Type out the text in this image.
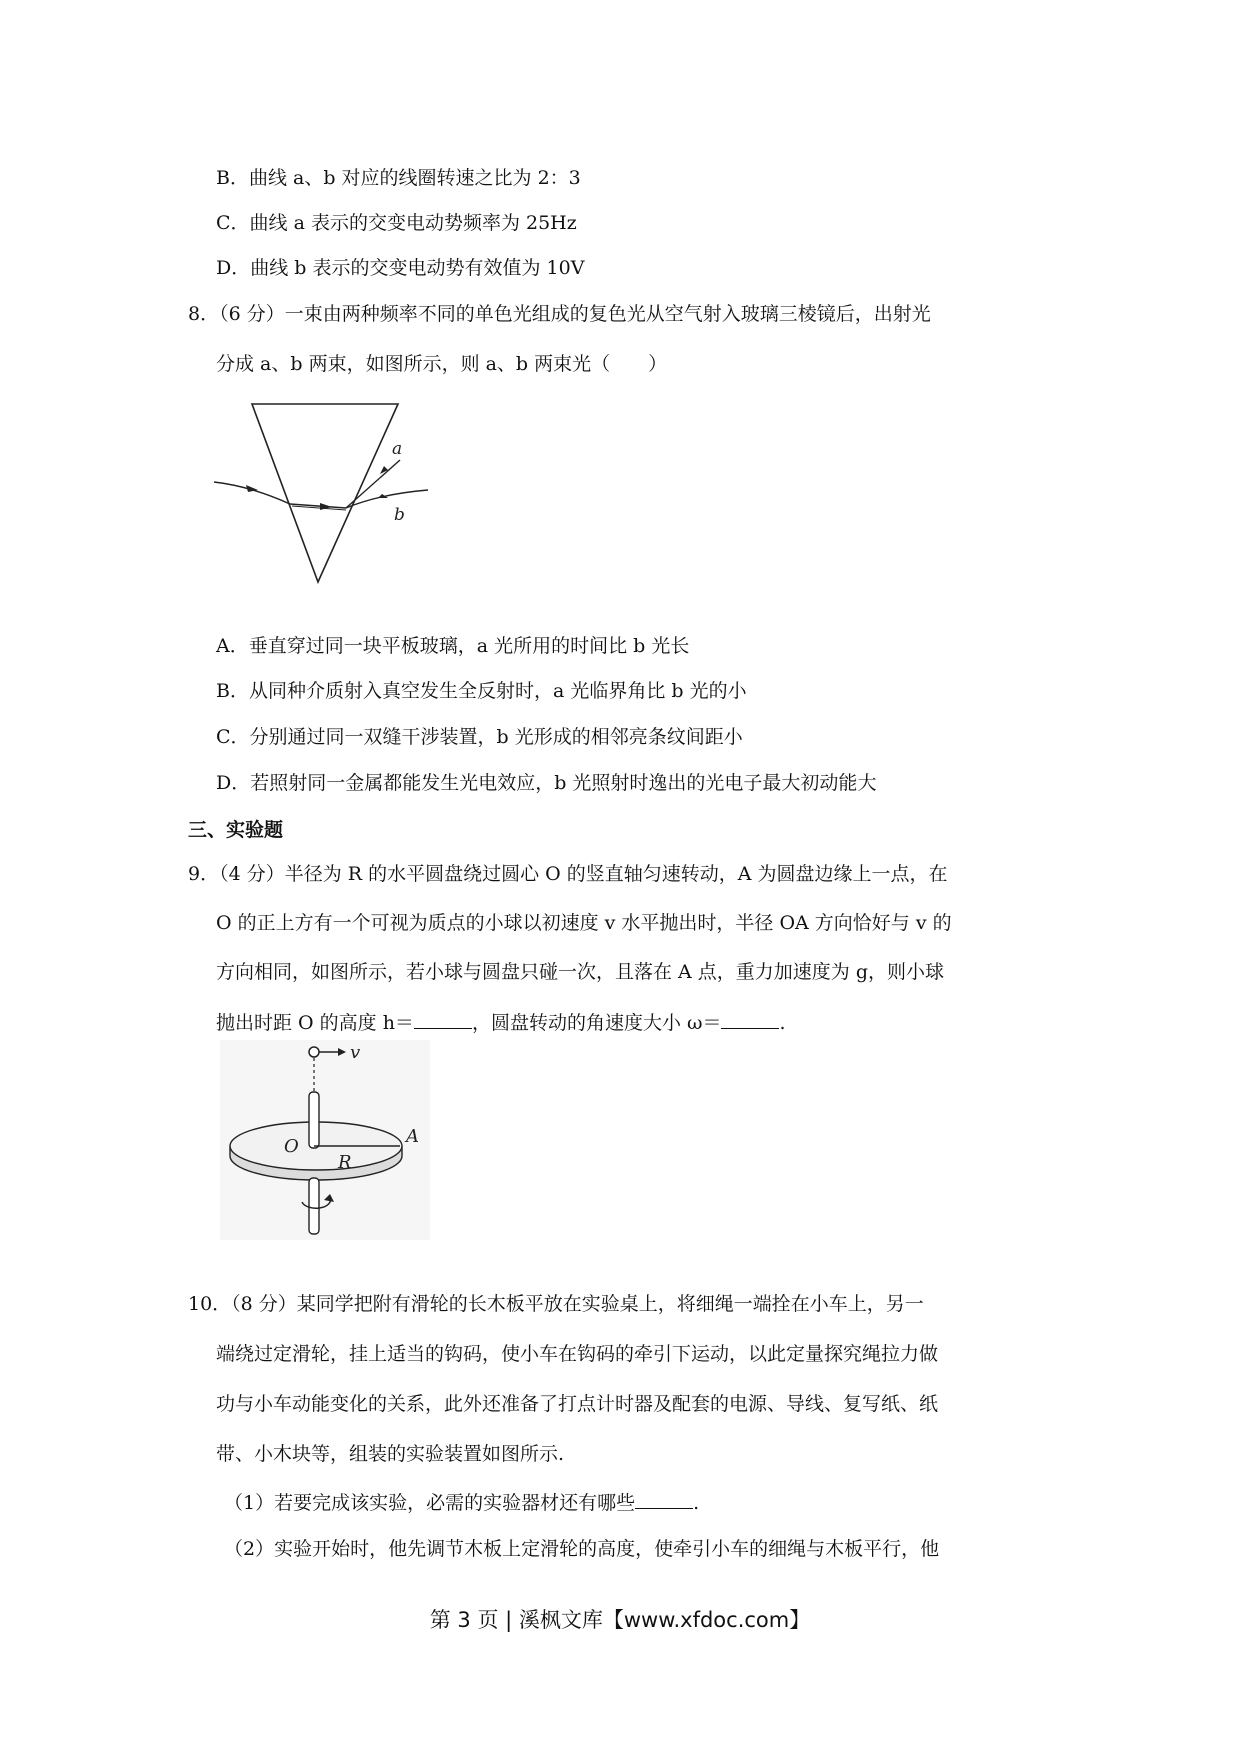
B．曲线 a、b 对应的线圈转速之比为 2：3
C．曲线 a 表示的交变电动势频率为 25Hz
D．曲线 b 表示的交变电动势有效值为 10V
8．（6 分）一束由两种频率不同的单色光组成的复色光从空气射入玻璃三棱镜后，出射光
分成 a、b 两束，如图所示，则 a、b 两束光（　　）
a
b
A．垂直穿过同一块平板玻璃，a 光所用的时间比 b 光长
B．从同种介质射入真空发生全反射时，a 光临界角比 b 光的小
C．分别通过同一双缝干涉装置，b 光形成的相邻亮条纹间距小
D．若照射同一金属都能发生光电效应，b 光照射时逸出的光电子最大初动能大
三、实验题
9．（4 分）半径为 R 的水平圆盘绕过圆心 O 的竖直轴匀速转动，A 为圆盘边缘上一点，在
O 的正上方有一个可视为质点的小球以初速度 v 水平抛出时，半径 OA 方向恰好与 v 的
方向相同，如图所示，若小球与圆盘只碰一次，且落在 A 点，重力加速度为 g，则小球
抛出时距 O 的高度 h＝	，圆盘转动的角速度大小 ω＝	.
v
O
R
A
10．（8 分）某同学把附有滑轮的长木板平放在实验桌上，将细绳一端拴在小车上，另一
端绕过定滑轮，挂上适当的钩码，使小车在钩码的牵引下运动，以此定量探究绳拉力做
功与小车动能变化的关系，此外还准备了打点计时器及配套的电源、导线、复写纸、纸
带、小木块等，组装的实验装置如图所示.
（1）若要完成该实验，必需的实验器材还有哪些	.
（2）实验开始时，他先调节木板上定滑轮的高度，使牵引小车的细绳与木板平行，他
第 3 页 | 溪枫文库【www.xfdoc.com】
